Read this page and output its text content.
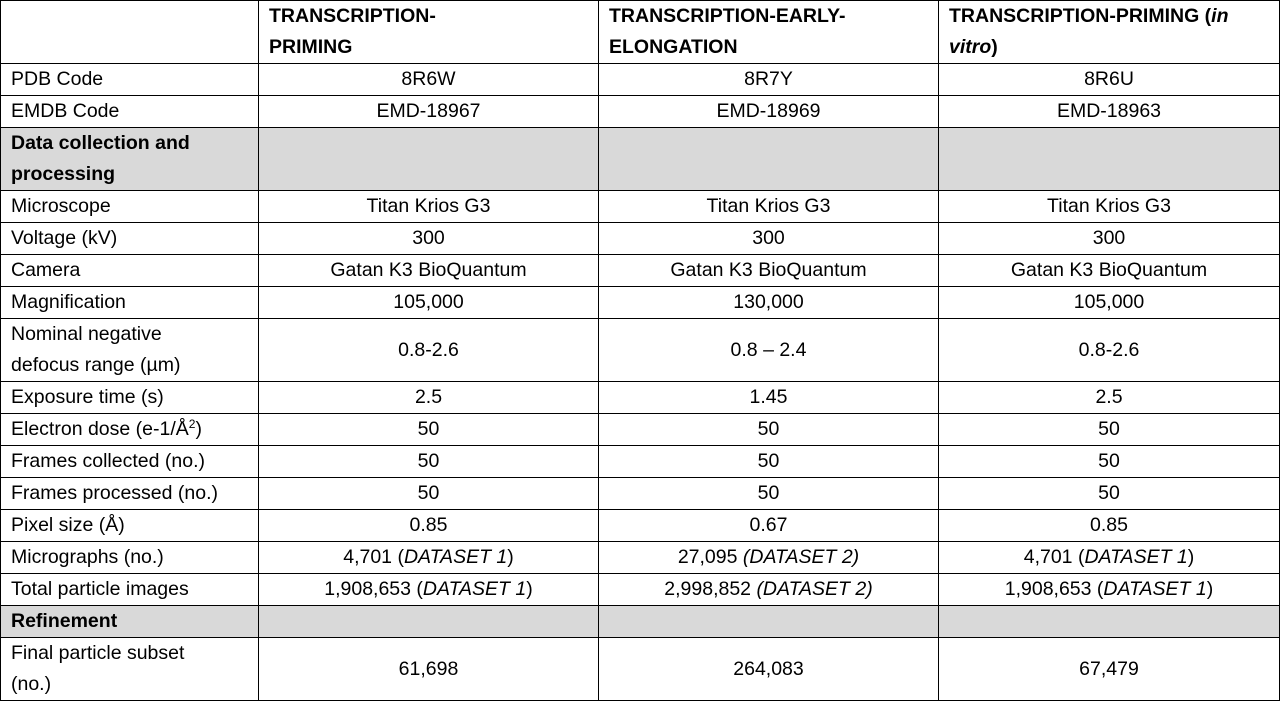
	TRANSCRIPTION-PRIMING	TRANSCRIPTION-EARLY-ELONGATION	TRANSCRIPTION-PRIMING (in vitro)
PDB Code	8R6W	8R7Y	8R6U
EMDB Code	EMD-18967	EMD-18969	EMD-18963
Data collection and processing			
Microscope	Titan Krios G3	Titan Krios G3	Titan Krios G3
Voltage (kV)	300	300	300
Camera	Gatan K3 BioQuantum	Gatan K3 BioQuantum	Gatan K3 BioQuantum
Magnification	105,000	130,000	105,000
Nominal negative defocus range (µm)	0.8-2.6	0.8 – 2.4	0.8-2.6
Exposure time (s)	2.5	1.45	2.5
Electron dose $(e-1/Å^2)$	50	50	50
Frames collected (no.)	50	50	50
Frames processed (no.)	50	50	50
Pixel size (Å)	0.85	0.67	0.85
Micrographs (no.)	4,701 (DATASET 1)	27,095 (DATASET 2)	4,701 (DATASET 1)
Total particle images	1,908,653 (DATASET 1)	2,998,852 (DATASET 2)	1,908,653 (DATASET 1)
Refinement			
Final particle subset (no.)	61,698	264,083	67,479
